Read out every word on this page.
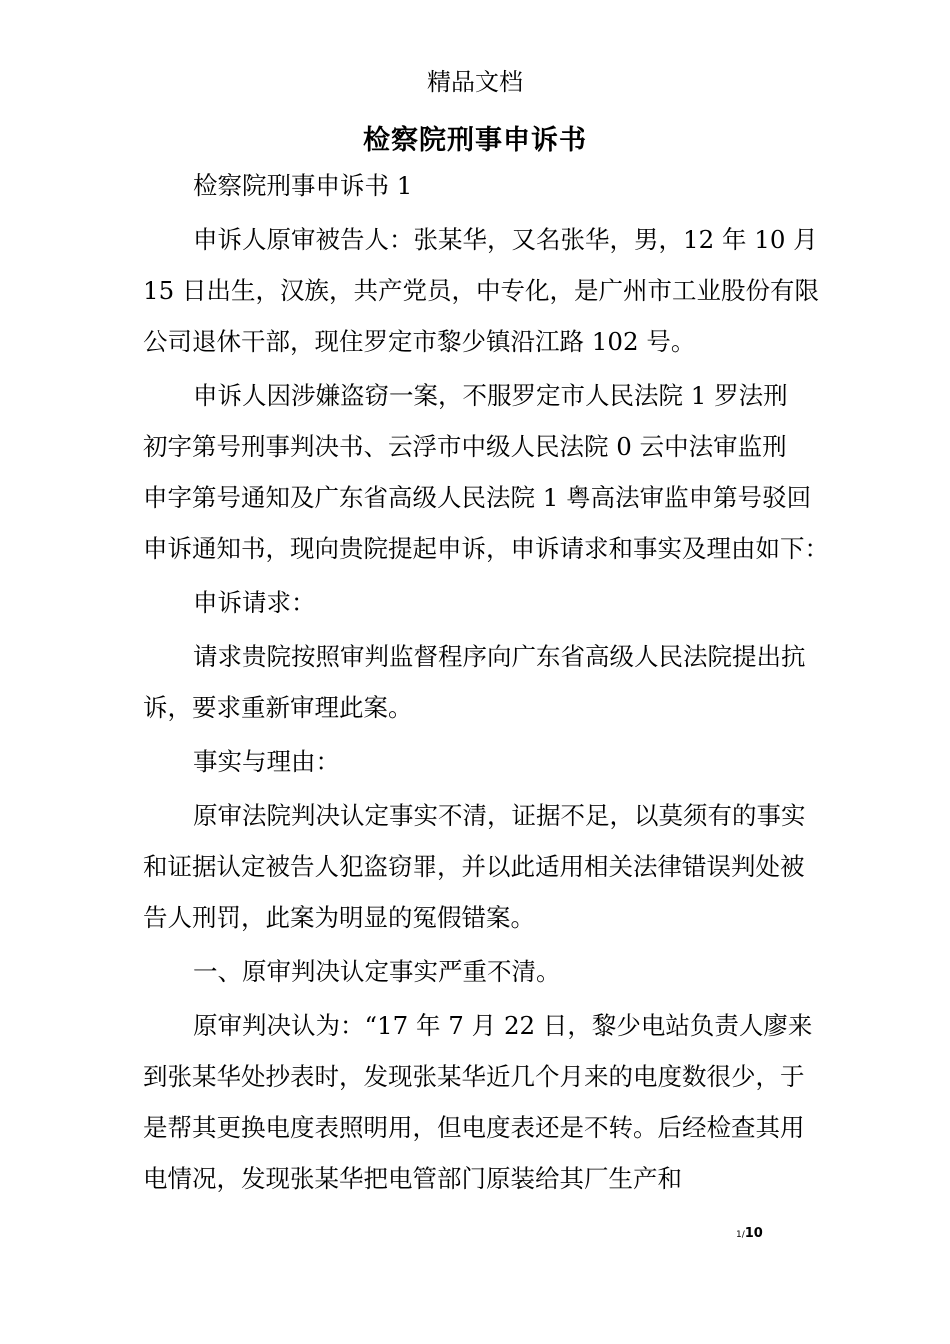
精品文档
检察院刑事申诉书
检察院刑事申诉书 1
申诉人原审被告人：张某华，又名张华，男，12 年 10 月
15 日出生，汉族，共产党员，中专化，是广州市工业股份有限
公司退休干部，现住罗定市黎少镇沿江路 102 号。
申诉人因涉嫌盗窃一案，不服罗定市人民法院 1 罗法刑
初字第号刑事判决书、云浮市中级人民法院 0 云中法审监刑
申字第号通知及广东省高级人民法院 1 粤高法审监申第号驳回
申诉通知书，现向贵院提起申诉，申诉请求和事实及理由如下：
申诉请求：
请求贵院按照审判监督程序向广东省高级人民法院提出抗
诉，要求重新审理此案。
事实与理由：
原审法院判决认定事实不清，证据不足，以莫须有的事实
和证据认定被告人犯盗窃罪，并以此适用相关法律错误判处被
告人刑罚，此案为明显的冤假错案。
一、原审判决认定事实严重不清。
原审判决认为：“17 年 7 月 22 日，黎少电站负责人廖来
到张某华处抄表时，发现张某华近几个月来的电度数很少，于
是帮其更换电度表照明用，但电度表还是不转。后经检查其用
电情况，发现张某华把电管部门原装给其厂生产和
1/10
